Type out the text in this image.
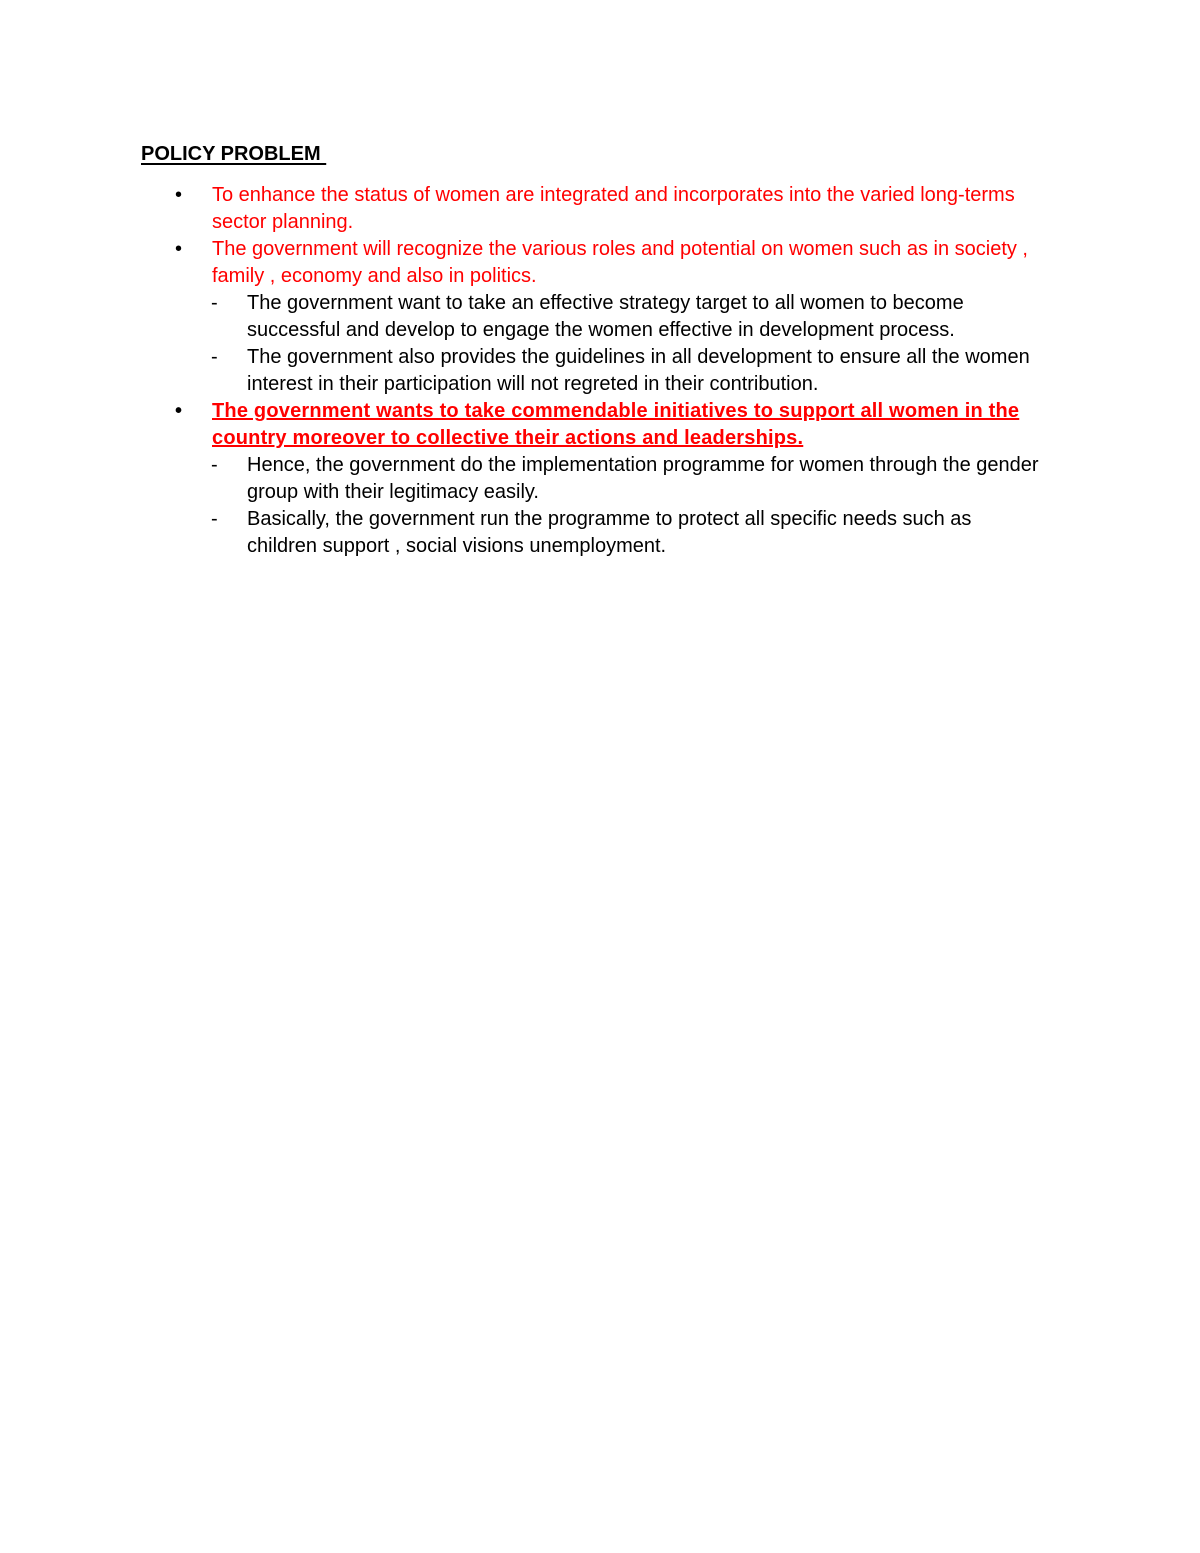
POLICY PROBLEM
•	To enhance the status of women are integrated and incorporates into the varied long-terms sector planning.
•	The government will recognize the various roles and potential on women such as in society , family , economy and also in politics.
-	The government want to take an effective strategy target to all women to become successful and develop to engage the women effective in development process.
-	The government also provides the guidelines in all development to ensure all the women interest in their participation will not regreted in their contribution.
•	The government wants to take commendable initiatives to support all women in the country moreover to collective their actions and leaderships.
-	Hence, the government do the implementation programme for women through the gender group with their legitimacy easily.
-	Basically, the government run the programme to protect all specific needs such as children support , social visions unemployment.
